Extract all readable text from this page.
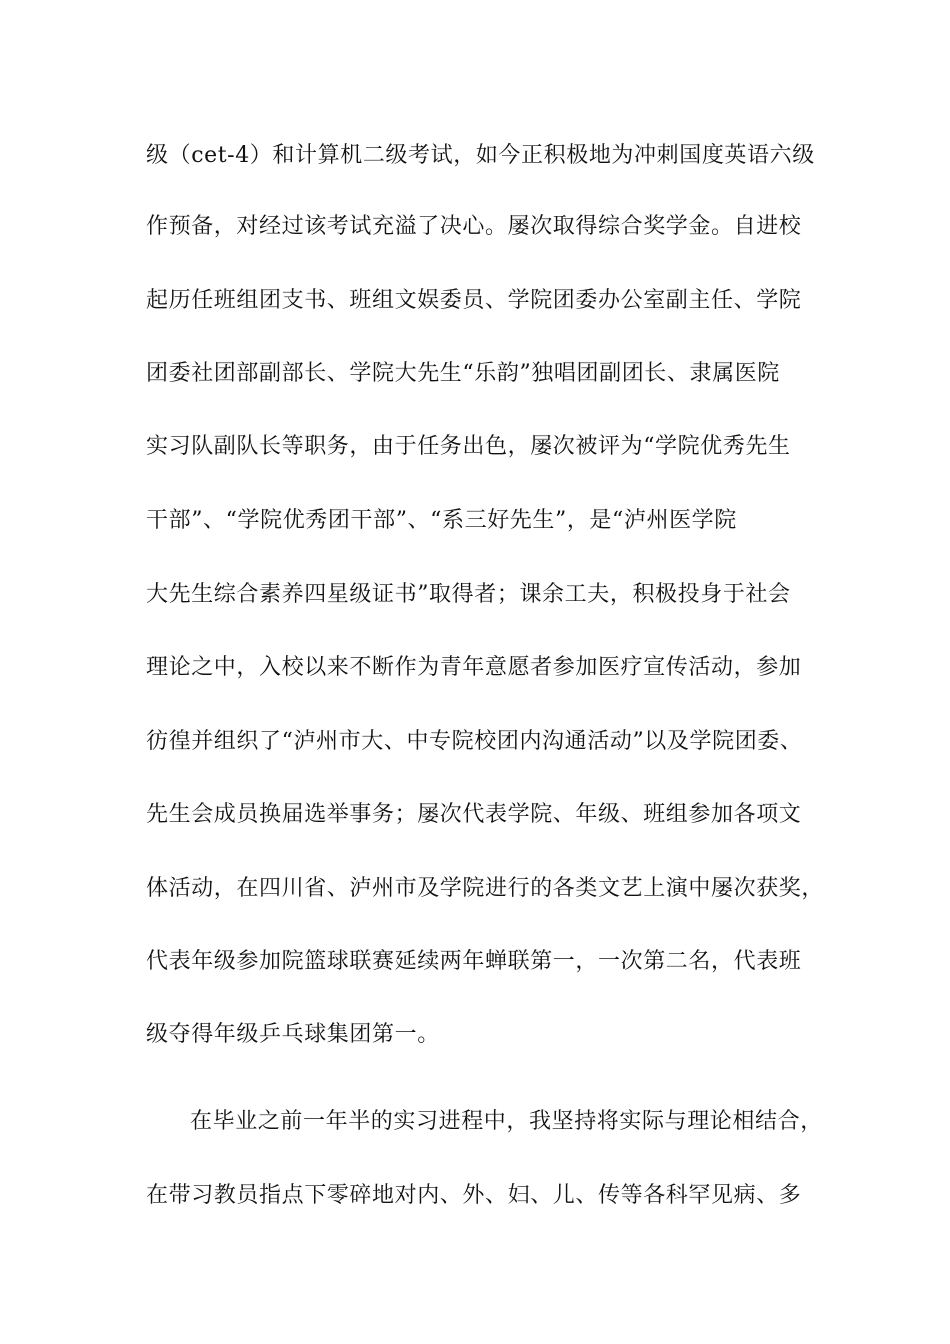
级（cet-4）和计算机二级考试，如今正积极地为冲刺国度英语六级
作预备，对经过该考试充溢了决心。屡次取得综合奖学金。自进校
起历任班组团支书、班组文娱委员、学院团委办公室副主任、学院
团委社团部副部长、学院大先生“乐韵”独唱团副团长、隶属医院
实习队副队长等职务，由于任务出色，屡次被评为“学院优秀先生
干部”、“学院优秀团干部”、“系三好先生”，是“泸州医学院
大先生综合素养四星级证书”取得者；课余工夫，积极投身于社会
理论之中，入校以来不断作为青年意愿者参加医疗宣传活动，参加
彷徨并组织了“泸州市大、中专院校团内沟通活动”以及学院团委、
先生会成员换届选举事务；屡次代表学院、年级、班组参加各项文
体活动，在四川省、泸州市及学院进行的各类文艺上演中屡次获奖，
代表年级参加院篮球联赛延续两年蝉联第一，一次第二名，代表班
级夺得年级乒乓球集团第一。
在毕业之前一年半的实习进程中，我坚持将实际与理论相结合，
在带习教员指点下零碎地对内、外、妇、儿、传等各科罕见病、多
